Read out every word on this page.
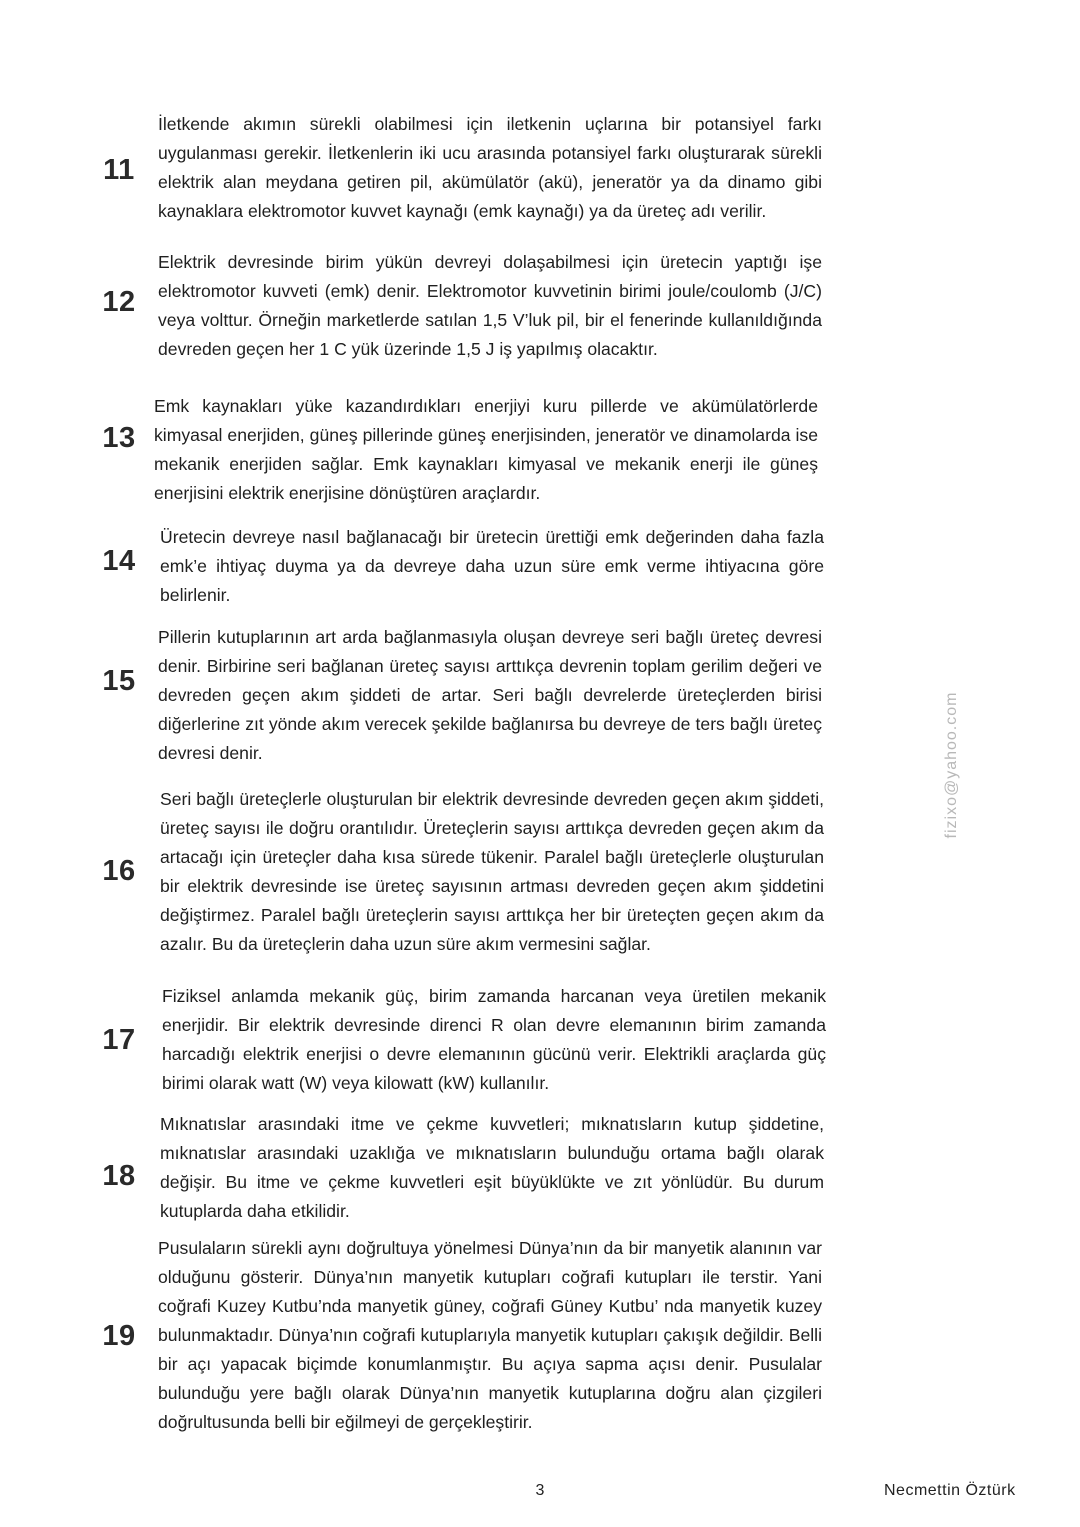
11

İletkende akımın sürekli olabilmesi için iletkenin uçlarına bir potansiyel farkı uygulanması gerekir. İletkenlerin iki ucu arasında potansiyel farkı oluşturarak sürekli elektrik alan meydana getiren pil, akümülatör (akü), jeneratör ya da dinamo gibi kaynaklara elektromotor kuvvet kaynağı (emk kaynağı) ya da üreteç adı verilir.

12

Elektrik devresinde birim yükün devreyi dolaşabilmesi için üretecin yaptığı işe elektromotor kuvveti (emk) denir. Elektromotor kuvvetinin birimi joule/coulomb (J/C) veya volttur. Örneğin marketlerde satılan 1,5 V’luk pil, bir el fenerinde kullanıldığında devreden geçen her 1 C yük üzerinde 1,5 J iş yapılmış olacaktır.

13

Emk kaynakları yüke kazandırdıkları enerjiyi kuru pillerde ve akümülatörlerde kimyasal enerjiden, güneş pillerinde güneş enerjisinden, jeneratör ve dinamolarda ise mekanik enerjiden sağlar. Emk kaynakları kimyasal ve mekanik enerji ile güneş enerjisini elektrik enerjisine dönüştüren araçlardır.

14

Üretecin devreye nasıl bağlanacağı bir üretecin ürettiği emk değerinden daha fazla emk’e ihtiyaç duyma ya da devreye daha uzun süre emk verme ihtiyacına göre belirlenir.

15

Pillerin kutuplarının art arda bağlanmasıyla oluşan devreye seri bağlı üreteç devresi denir. Birbirine seri bağlanan üreteç sayısı arttıkça devrenin toplam gerilim değeri ve devreden geçen akım şiddeti de artar. Seri bağlı devrelerde üreteçlerden birisi diğerlerine zıt yönde akım verecek şekilde bağlanırsa bu devreye de ters bağlı üreteç devresi denir.

16

Seri bağlı üreteçlerle oluşturulan bir elektrik devresinde devreden geçen akım şiddeti, üreteç sayısı ile doğru orantılıdır. Üreteçlerin sayısı arttıkça devreden geçen akım da artacağı için üreteçler daha kısa sürede tükenir. Paralel bağlı üreteçlerle oluşturulan bir elektrik devresinde ise üreteç sayısının artması devreden geçen akım şiddetini değiştirmez. Paralel bağlı üreteçlerin sayısı arttıkça her bir üreteçten geçen akım da azalır. Bu da üreteçlerin daha uzun süre akım vermesini sağlar.

17

Fiziksel anlamda mekanik güç, birim zamanda harcanan veya üretilen mekanik enerjidir. Bir elektrik devresinde direnci R olan devre elemanının birim zamanda harcadığı elektrik enerjisi o devre elemanının gücünü verir. Elektrikli araçlarda güç birimi olarak watt (W) veya kilowatt (kW) kullanılır.

18

Mıknatıslar arasındaki itme ve çekme kuvvetleri; mıknatısların kutup şiddetine, mıknatıslar arasındaki uzaklığa ve mıknatısların bulunduğu ortama bağlı olarak değişir. Bu itme ve çekme kuvvetleri eşit büyüklükte ve zıt yönlüdür. Bu durum kutuplarda daha etkilidir.

19

Pusulaların sürekli aynı doğrultuya yönelmesi Dünya’nın da bir manyetik alanının var olduğunu gösterir. Dünya’nın manyetik kutupları coğrafi kutupları ile terstir. Yani coğrafi Kuzey Kutbu’nda manyetik güney, coğrafi Güney Kutbu’ nda manyetik kuzey bulunmaktadır. Dünya’nın coğrafi kutuplarıyla manyetik kutupları çakışık değildir. Belli bir açı yapacak biçimde konumlanmıştır. Bu açıya sapma açısı denir. Pusulalar bulunduğu yere bağlı olarak Dünya’nın manyetik kutuplarına doğru alan çizgileri doğrultusunda belli bir eğilmeyi de gerçekleştirir.

fizixo@yahoo.com
3	Necmettin Öztürk
